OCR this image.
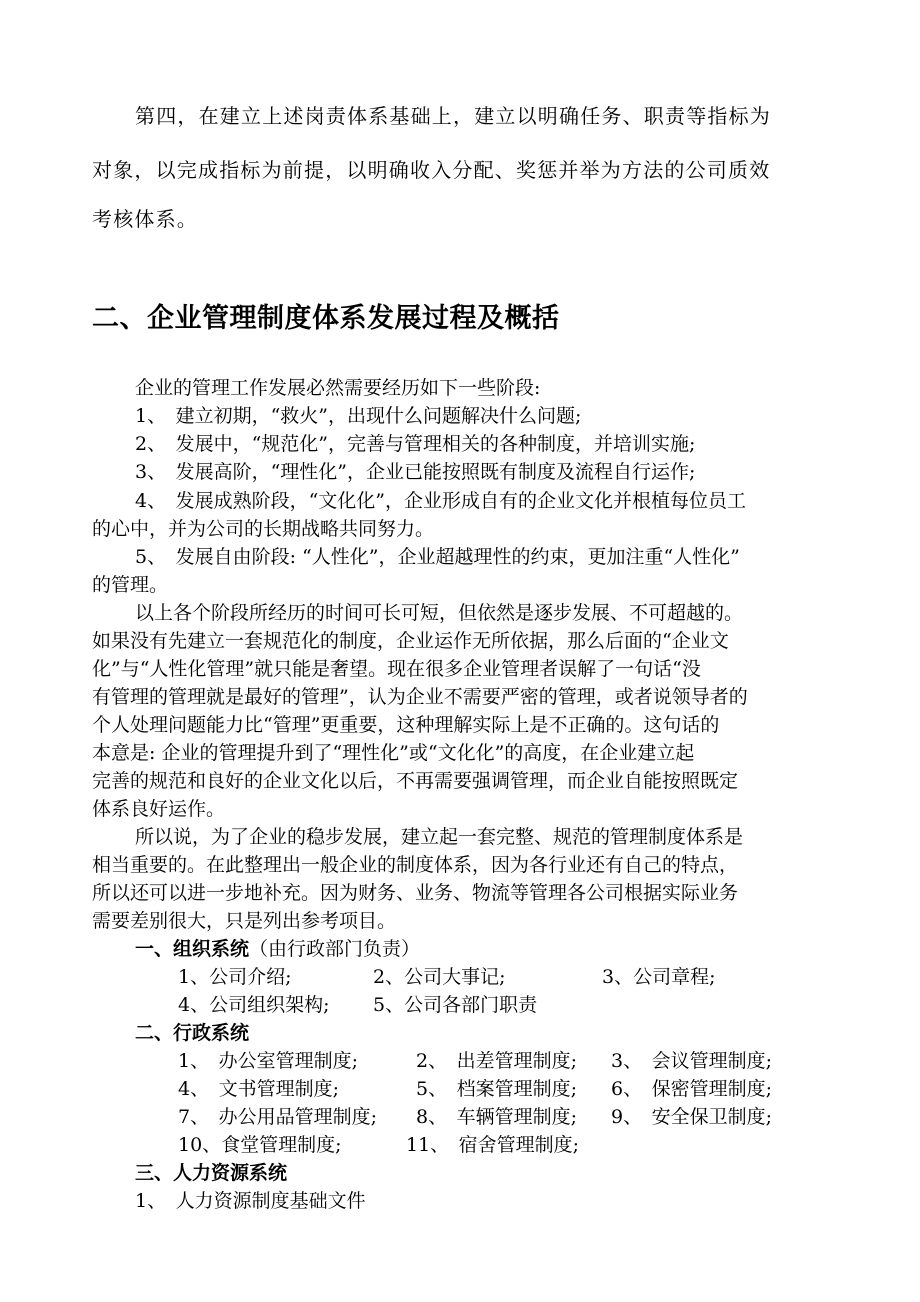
第四，在建立上述岗责体系基础上，建立以明确任务、职责等指标为
对象，以完成指标为前提，以明确收入分配、奖惩并举为方法的公司质效
考核体系。
二、企业管理制度体系发展过程及概括
企业的管理工作发展必然需要经历如下一些阶段:
1、　建立初期，“救火”，出现什么问题解决什么问题;
2、　发展中，“规范化”，完善与管理相关的各种制度，并培训实施;
3、　发展高阶，“理性化”，企业已能按照既有制度及流程自行运作;
4、　发展成熟阶段，“文化化”，企业形成自有的企业文化并根植每位员工
的心中，并为公司的长期战略共同努力。
5、　发展自由阶段: “人性化”，企业超越理性的约束，更加注重“人性化”
的管理。
以上各个阶段所经历的时间可长可短，但依然是逐步发展、不可超越的。
如果没有先建立一套规范化的制度，企业运作无所依据，那么后面的“企业文
化”与“人性化管理”就只能是奢望。现在很多企业管理者误解了一句话“没
有管理的管理就是最好的管理”，认为企业不需要严密的管理，或者说领导者的
个人处理问题能力比“管理”更重要，这种理解实际上是不正确的。这句话的
本意是: 企业的管理提升到了“理性化”或“文化化”的高度，在企业建立起
完善的规范和良好的企业文化以后，不再需要强调管理，而企业自能按照既定
体系良好运作。
所以说，为了企业的稳步发展，建立起一套完整、规范的管理制度体系是
相当重要的。在此整理出一般企业的制度体系，因为各行业还有自己的特点，
所以还可以进一步地补充。因为财务、业务、物流等管理各公司根据实际业务
需要差别很大，只是列出参考项目。
一、组织系统（由行政部门负责）
1、公司介绍;	2、公司大事记;	3、公司章程;
4、公司组织架构; 5、公司各部门职责
二、行政系统
1、　办公室管理制度;	2、　出差管理制度; 3、　会议管理制度;
4、　文书管理制度;	5、　档案管理制度; 6、　保密管理制度;
7、　办公用品管理制度; 8、　车辆管理制度; 9、　安全保卫制度;
10、食堂管理制度;	11、　宿舍管理制度;
三、人力资源系统
1、　人力资源制度基础文件
